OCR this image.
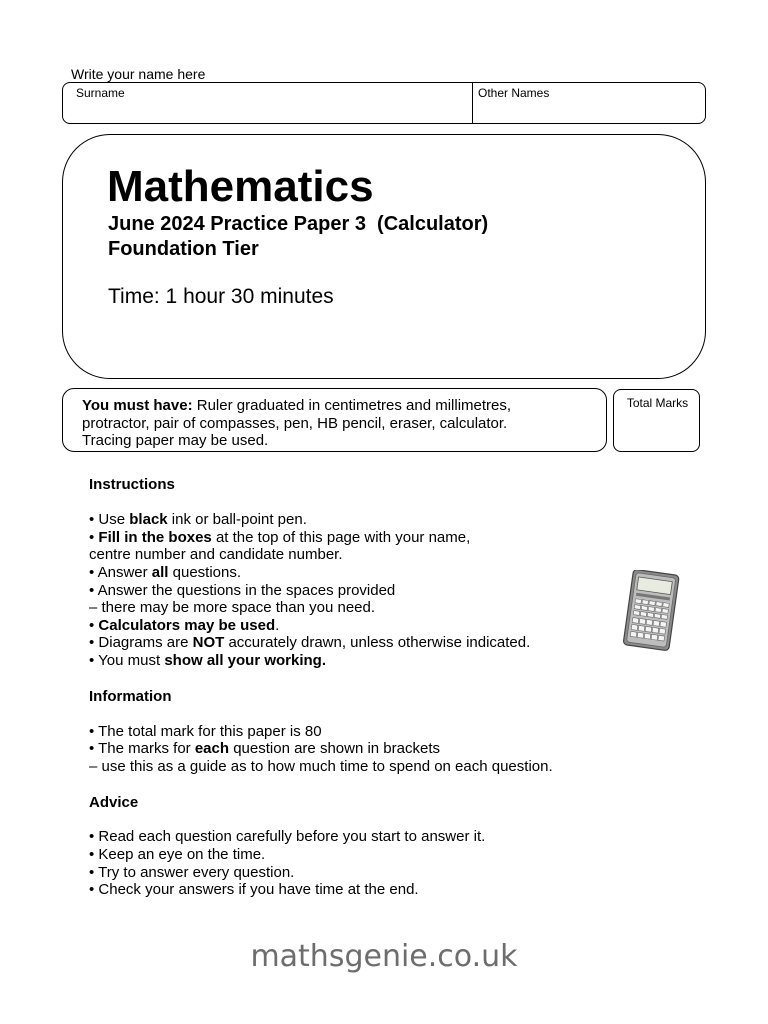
Write your name here
Surname	Other Names
Mathematics
June 2024 Practice Paper 3  (Calculator)
Foundation Tier
Time: 1 hour 30 minutes
You must have: Ruler graduated in centimetres and millimetres,
protractor, pair of compasses, pen, HB pencil, eraser, calculator.
Tracing paper may be used.
Total Marks
Instructions
• Use black ink or ball-point pen.
• Fill in the boxes at the top of this page with your name,
centre number and candidate number.
• Answer all questions.
• Answer the questions in the spaces provided
– there may be more space than you need.
• Calculators may be used.
• Diagrams are NOT accurately drawn, unless otherwise indicated.
• You must show all your working.
Information
• The total mark for this paper is 80
• The marks for each question are shown in brackets
– use this as a guide as to how much time to spend on each question.
Advice
• Read each question carefully before you start to answer it.
• Keep an eye on the time.
• Try to answer every question.
• Check your answers if you have time at the end.
mathsgenie.co.uk
